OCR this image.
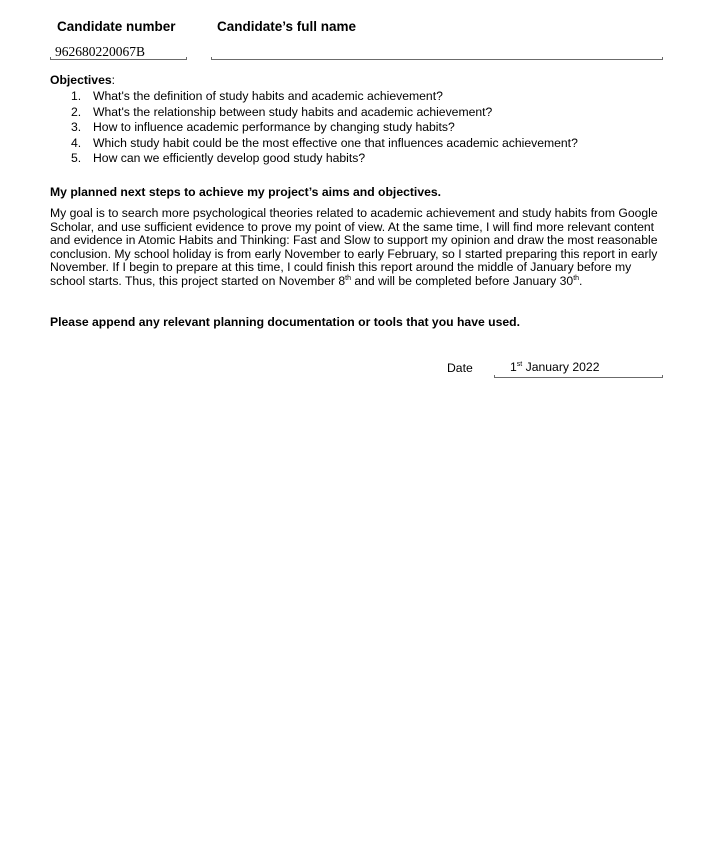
Candidate number	Candidate’s full name
962680220067B
Objectives:
1. What's the definition of study habits and academic achievement?
2. What's the relationship between study habits and academic achievement?
3. How to influence academic performance by changing study habits?
4. Which study habit could be the most effective one that influences academic achievement?
5. How can we efficiently develop good study habits?
My planned next steps to achieve my project’s aims and objectives.
My goal is to search more psychological theories related to academic achievement and study habits from Google
Scholar, and use sufficient evidence to prove my point of view. At the same time, I will find more relevant content
and evidence in Atomic Habits and Thinking: Fast and Slow to support my opinion and draw the most reasonable
conclusion. My school holiday is from early November to early February, so I started preparing this report in early
November. If I begin to prepare at this time, I could finish this report around the middle of January before my
school starts. Thus, this project started on November 8th and will be completed before January 30th.
Please append any relevant planning documentation or tools that you have used.
Date	1st January 2022
